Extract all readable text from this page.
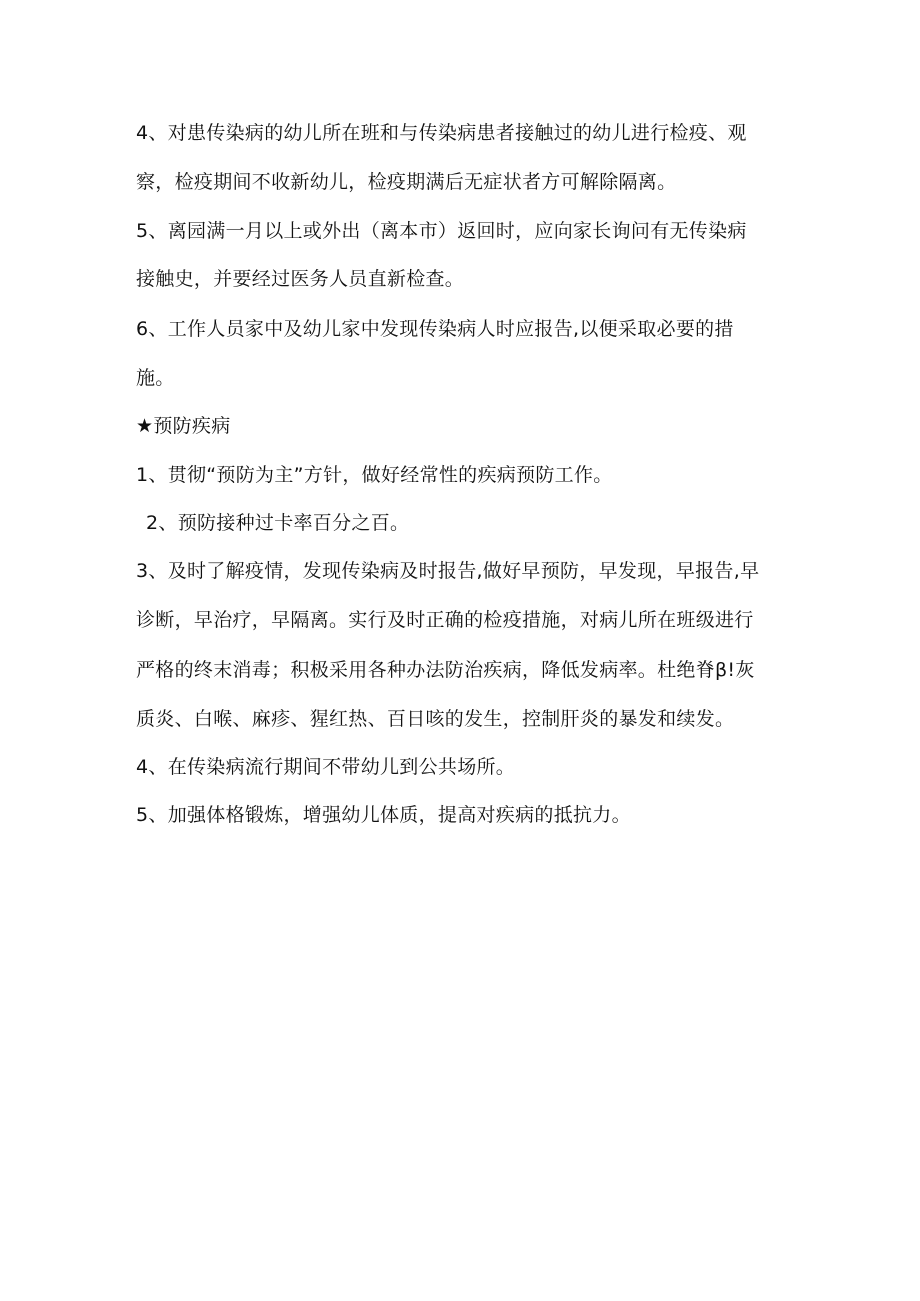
4、对患传染病的幼儿所在班和与传染病患者接触过的幼儿进行检疫、观
察，检疫期间不收新幼儿，检疫期满后无症状者方可解除隔离。
5、离园满一月以上或外出（离本市）返回时，应向家长询问有无传染病
接触史，并要经过医务人员直新检查。
6、工作人员家中及幼儿家中发现传染病人时应报告,以便采取必要的措
施。
★预防疾病
1、贯彻“预防为主”方针，做好经常性的疾病预防工作。
2、预防接种过卡率百分之百。
3、及时了解疫情，发现传染病及时报告,做好早预防，早发现，早报告,早
诊断，早治疗，早隔离。实行及时正确的检疫措施，对病儿所在班级进行
严格的终末消毒；积极采用各种办法防治疾病，降低发病率。杜绝脊β!灰
质炎、白喉、麻疹、猩红热、百日咳的发生，控制肝炎的暴发和续发。
4、在传染病流行期间不带幼儿到公共场所。
5、加强体格锻炼，增强幼儿体质，提高对疾病的抵抗力。
